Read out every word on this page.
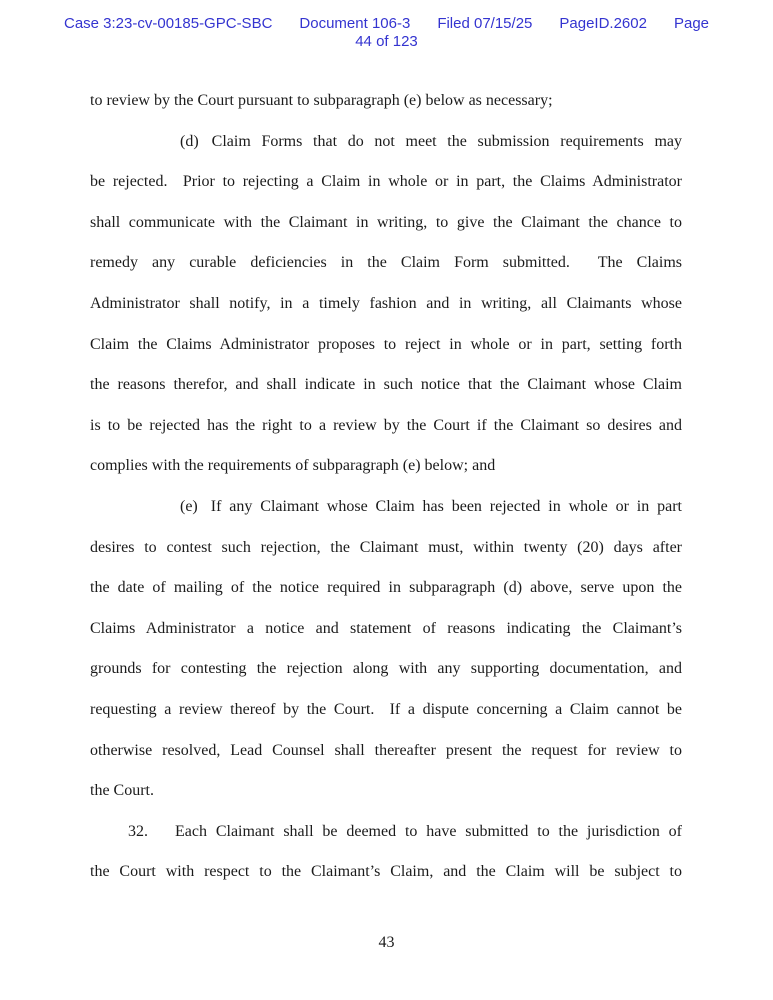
Case 3:23-cv-00185-GPC-SBC Document 106-3 Filed 07/15/25 PageID.2602 Page
44 of 123
to review by the Court pursuant to subparagraph (e) below as necessary;
(d) Claim Forms that do not meet the submission requirements may
be rejected.  Prior to rejecting a Claim in whole or in part, the Claims Administrator
shall communicate with the Claimant in writing, to give the Claimant the chance to
remedy any curable deficiencies in the Claim Form submitted.  The Claims
Administrator shall notify, in a timely fashion and in writing, all Claimants whose
Claim the Claims Administrator proposes to reject in whole or in part, setting forth
the reasons therefor, and shall indicate in such notice that the Claimant whose Claim
is to be rejected has the right to a review by the Court if the Claimant so desires and
complies with the requirements of subparagraph (e) below; and
(e) If any Claimant whose Claim has been rejected in whole or in part
desires to contest such rejection, the Claimant must, within twenty (20) days after
the date of mailing of the notice required in subparagraph (d) above, serve upon the
Claims Administrator a notice and statement of reasons indicating the Claimant’s
grounds for contesting the rejection along with any supporting documentation, and
requesting a review thereof by the Court.  If a dispute concerning a Claim cannot be
otherwise resolved, Lead Counsel shall thereafter present the request for review to
the Court.
32. Each Claimant shall be deemed to have submitted to the jurisdiction of
the Court with respect to the Claimant’s Claim, and the Claim will be subject to
43
